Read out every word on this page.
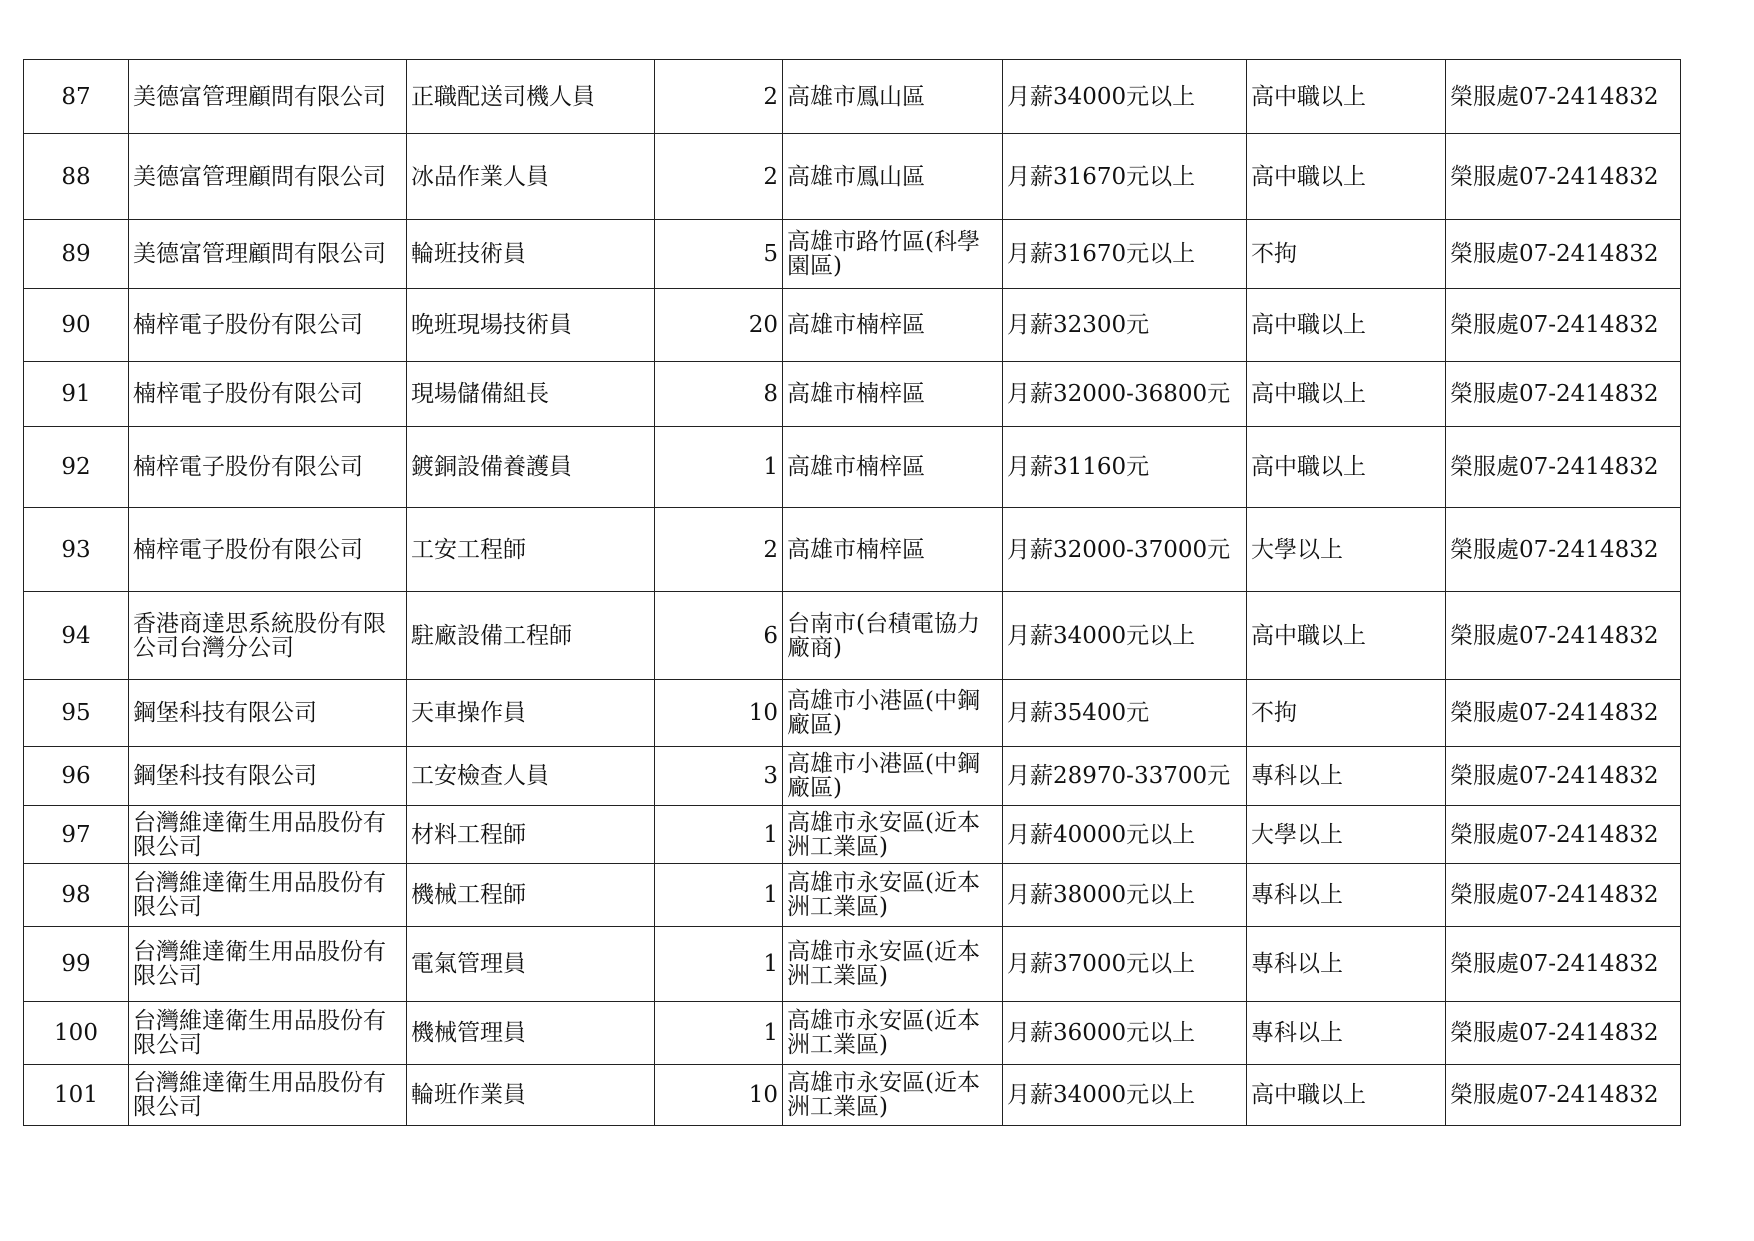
87	美德富管理顧問有限公司	正職配送司機人員	2	高雄市鳳山區	月薪34000元以上	高中職以上	榮服處07-2414832
88	美德富管理顧問有限公司	冰品作業人員	2	高雄市鳳山區	月薪31670元以上	高中職以上	榮服處07-2414832
89	美德富管理顧問有限公司	輪班技術員	5	高雄市路竹區(科學園區)	月薪31670元以上	不拘	榮服處07-2414832
90	楠梓電子股份有限公司	晚班現場技術員	20	高雄市楠梓區	月薪32300元	高中職以上	榮服處07-2414832
91	楠梓電子股份有限公司	現場儲備組長	8	高雄市楠梓區	月薪32000-36800元	高中職以上	榮服處07-2414832
92	楠梓電子股份有限公司	鍍銅設備養護員	1	高雄市楠梓區	月薪31160元	高中職以上	榮服處07-2414832
93	楠梓電子股份有限公司	工安工程師	2	高雄市楠梓區	月薪32000-37000元	大學以上	榮服處07-2414832
94	香港商達思系統股份有限公司台灣分公司	駐廠設備工程師	6	台南市(台積電協力廠商)	月薪34000元以上	高中職以上	榮服處07-2414832
95	鋼堡科技有限公司	天車操作員	10	高雄市小港區(中鋼廠區)	月薪35400元	不拘	榮服處07-2414832
96	鋼堡科技有限公司	工安檢查人員	3	高雄市小港區(中鋼廠區)	月薪28970-33700元	專科以上	榮服處07-2414832
97	台灣維達衛生用品股份有限公司	材料工程師	1	高雄市永安區(近本洲工業區)	月薪40000元以上	大學以上	榮服處07-2414832
98	台灣維達衛生用品股份有限公司	機械工程師	1	高雄市永安區(近本洲工業區)	月薪38000元以上	專科以上	榮服處07-2414832
99	台灣維達衛生用品股份有限公司	電氣管理員	1	高雄市永安區(近本洲工業區)	月薪37000元以上	專科以上	榮服處07-2414832
100	台灣維達衛生用品股份有限公司	機械管理員	1	高雄市永安區(近本洲工業區)	月薪36000元以上	專科以上	榮服處07-2414832
101	台灣維達衛生用品股份有限公司	輪班作業員	10	高雄市永安區(近本洲工業區)	月薪34000元以上	高中職以上	榮服處07-2414832
